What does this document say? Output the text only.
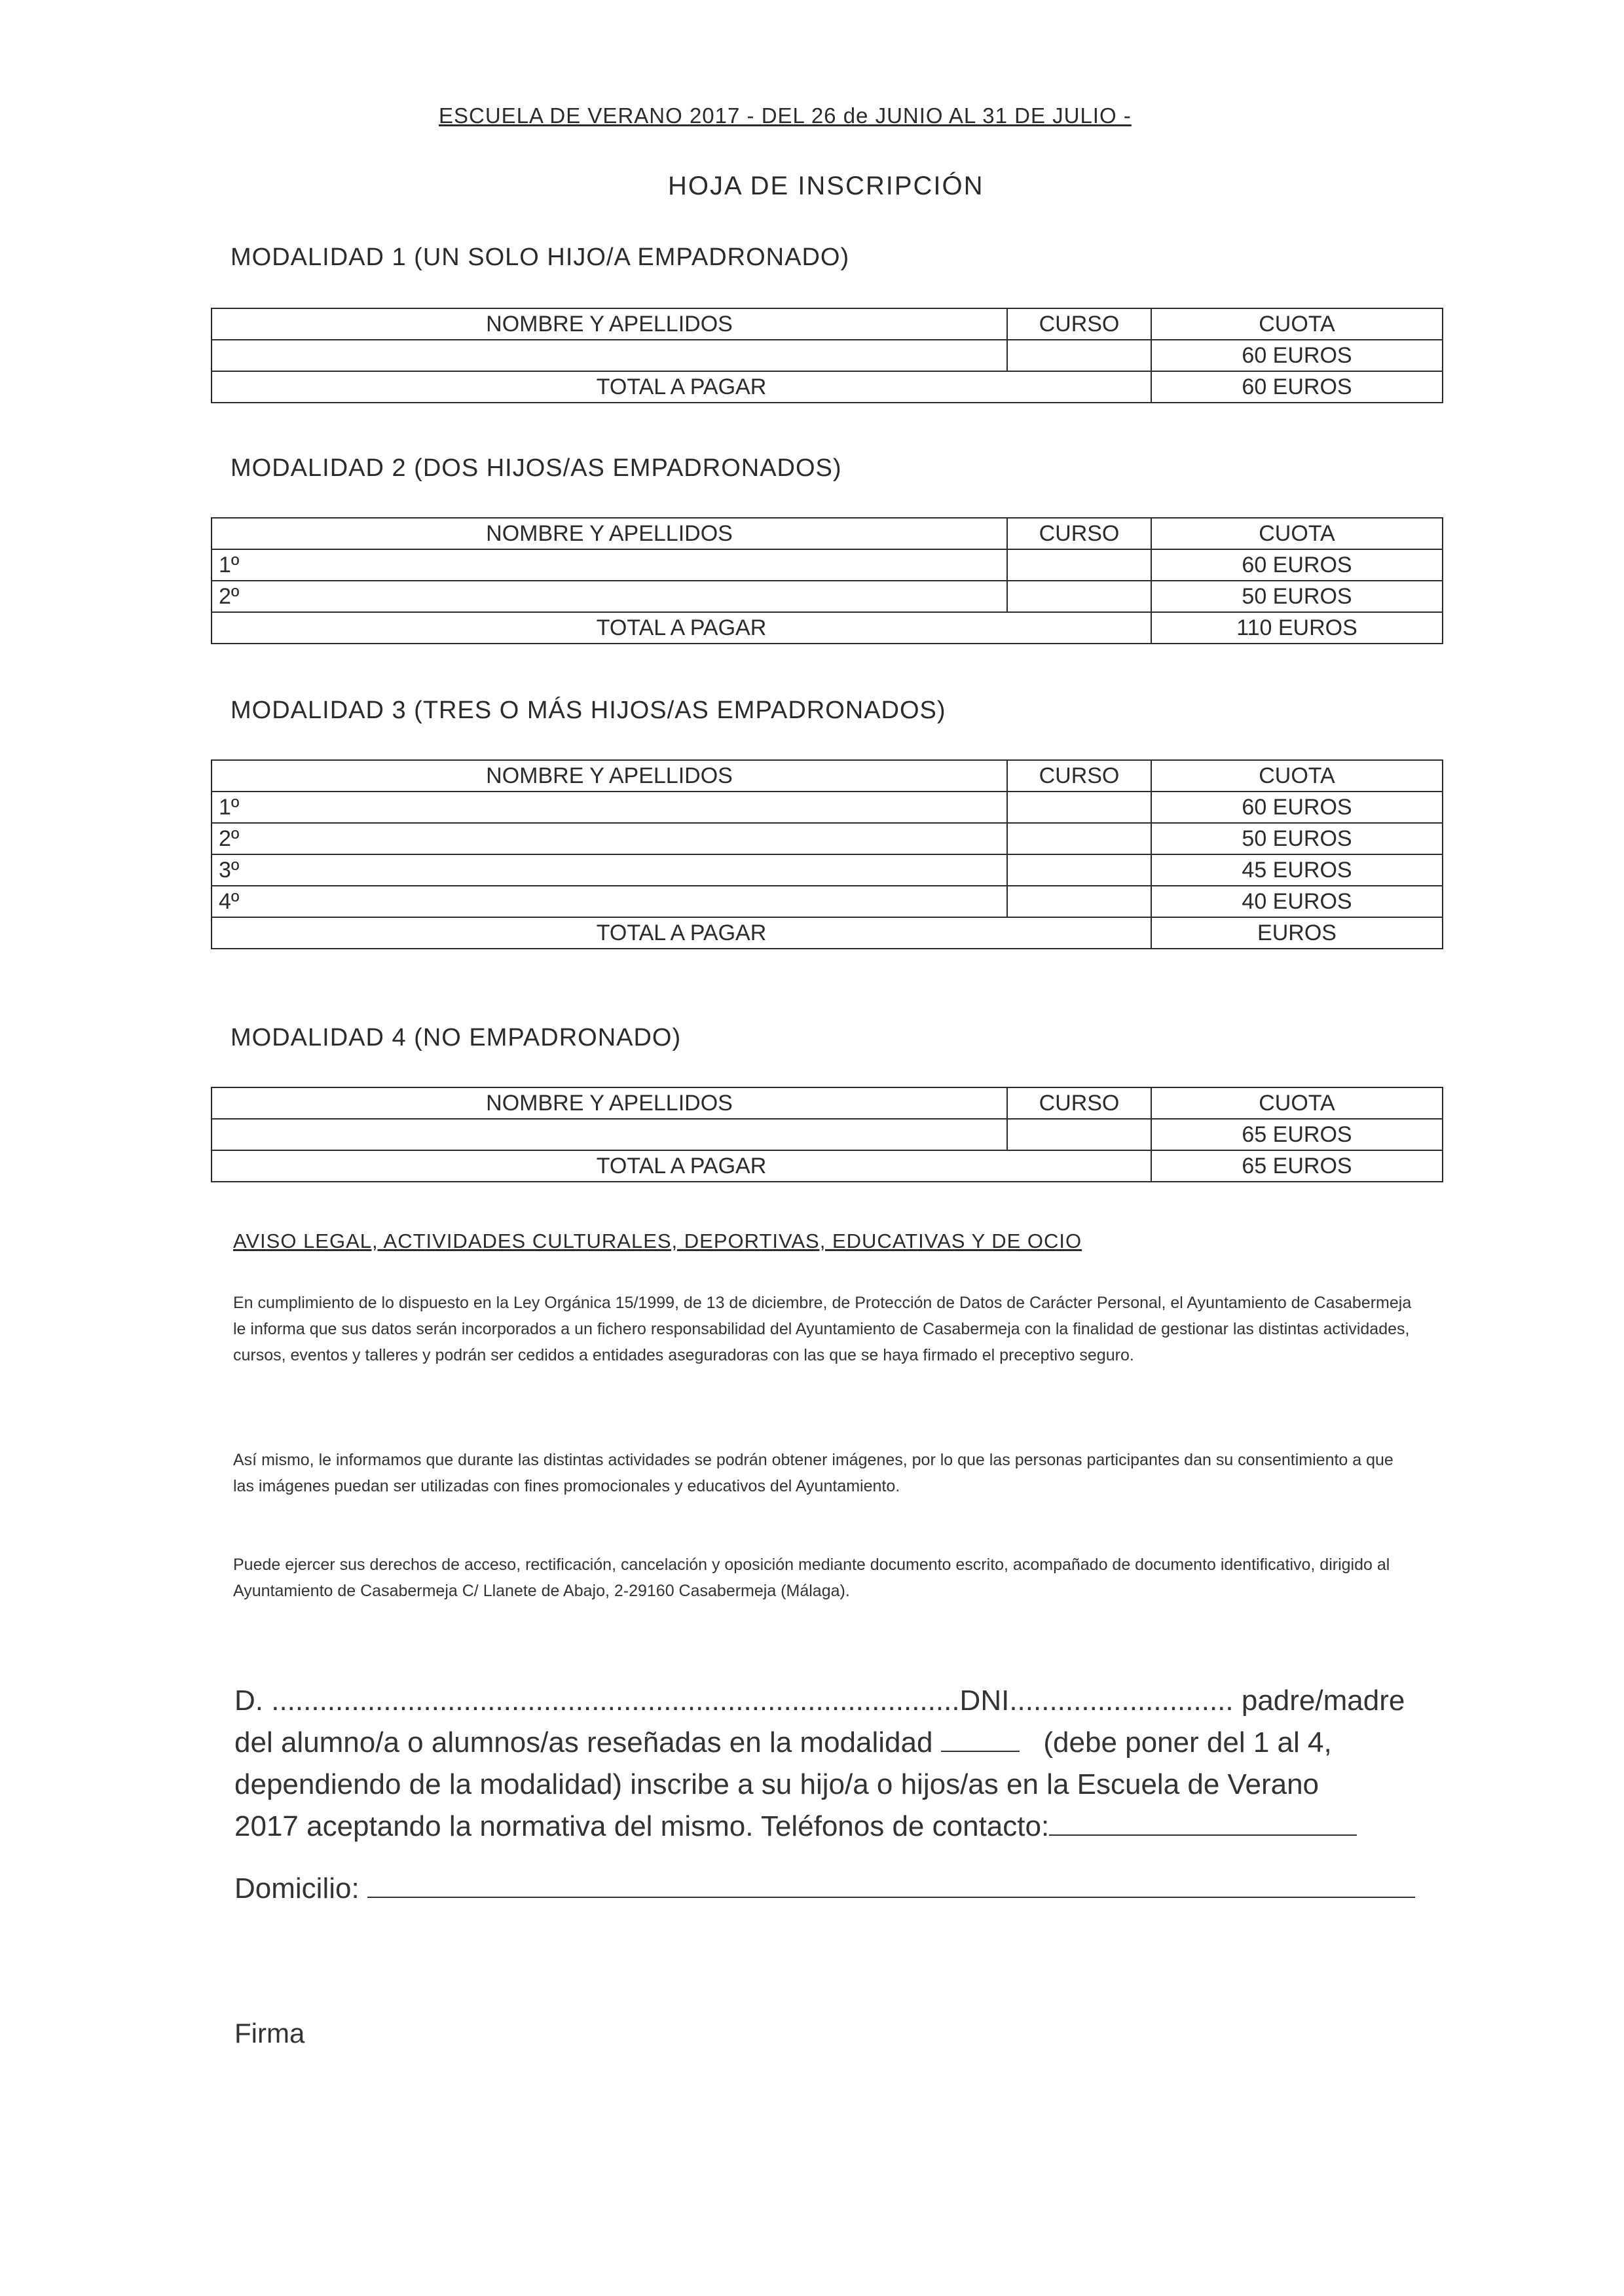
ESCUELA DE VERANO 2017 - DEL 26 de JUNIO AL 31 DE JULIO -
HOJA DE INSCRIPCIÓN
MODALIDAD 1 (UN SOLO HIJO/A EMPADRONADO)
NOMBRE Y APELLIDOS	CURSO	CUOTA
		60 EUROS
TOTAL A PAGAR		60 EUROS
MODALIDAD 2 (DOS HIJOS/AS EMPADRONADOS)
NOMBRE Y APELLIDOS	CURSO	CUOTA
1º		60 EUROS
2º		50 EUROS
TOTAL A PAGAR		110 EUROS
MODALIDAD 3 (TRES O MÁS HIJOS/AS EMPADRONADOS)
NOMBRE Y APELLIDOS	CURSO	CUOTA
1º		60 EUROS
2º		50 EUROS
3º		45 EUROS
4º		40 EUROS
TOTAL A PAGAR		EUROS
MODALIDAD 4 (NO EMPADRONADO)
NOMBRE Y APELLIDOS	CURSO	CUOTA
		65 EUROS
TOTAL A PAGAR		65 EUROS
AVISO LEGAL, ACTIVIDADES CULTURALES, DEPORTIVAS, EDUCATIVAS Y DE OCIO
En cumplimiento de lo dispuesto en la Ley Orgánica 15/1999, de 13 de diciembre, de Protección de Datos de Carácter Personal, el Ayuntamiento de Casabermeja le informa que sus datos serán incorporados a un fichero responsabilidad del Ayuntamiento de Casabermeja con la finalidad de gestionar las distintas actividades, cursos, eventos y talleres y podrán ser cedidos a entidades aseguradoras con las que se haya firmado el preceptivo seguro.
Así mismo, le informamos que durante las distintas actividades se podrán obtener imágenes, por lo que las personas participantes dan su consentimiento a que las imágenes puedan ser utilizadas con fines promocionales y educativos del Ayuntamiento.
Puede ejercer sus derechos de acceso, rectificación, cancelación y oposición mediante documento escrito, acompañado de documento identificativo, dirigido al Ayuntamiento de Casabermeja C/ Llanete de Abajo, 2-29160 Casabermeja (Málaga).
D. ......................................................................................DNI............................ padre/madre
del alumno/a o alumnos/as reseñadas en la modalidad	(debe poner del 1 al 4,
dependiendo de la modalidad) inscribe a su hijo/a o hijos/as en la Escuela de Verano
2017 aceptando la normativa del mismo. Teléfonos de contacto:
Domicilio:
Firma
